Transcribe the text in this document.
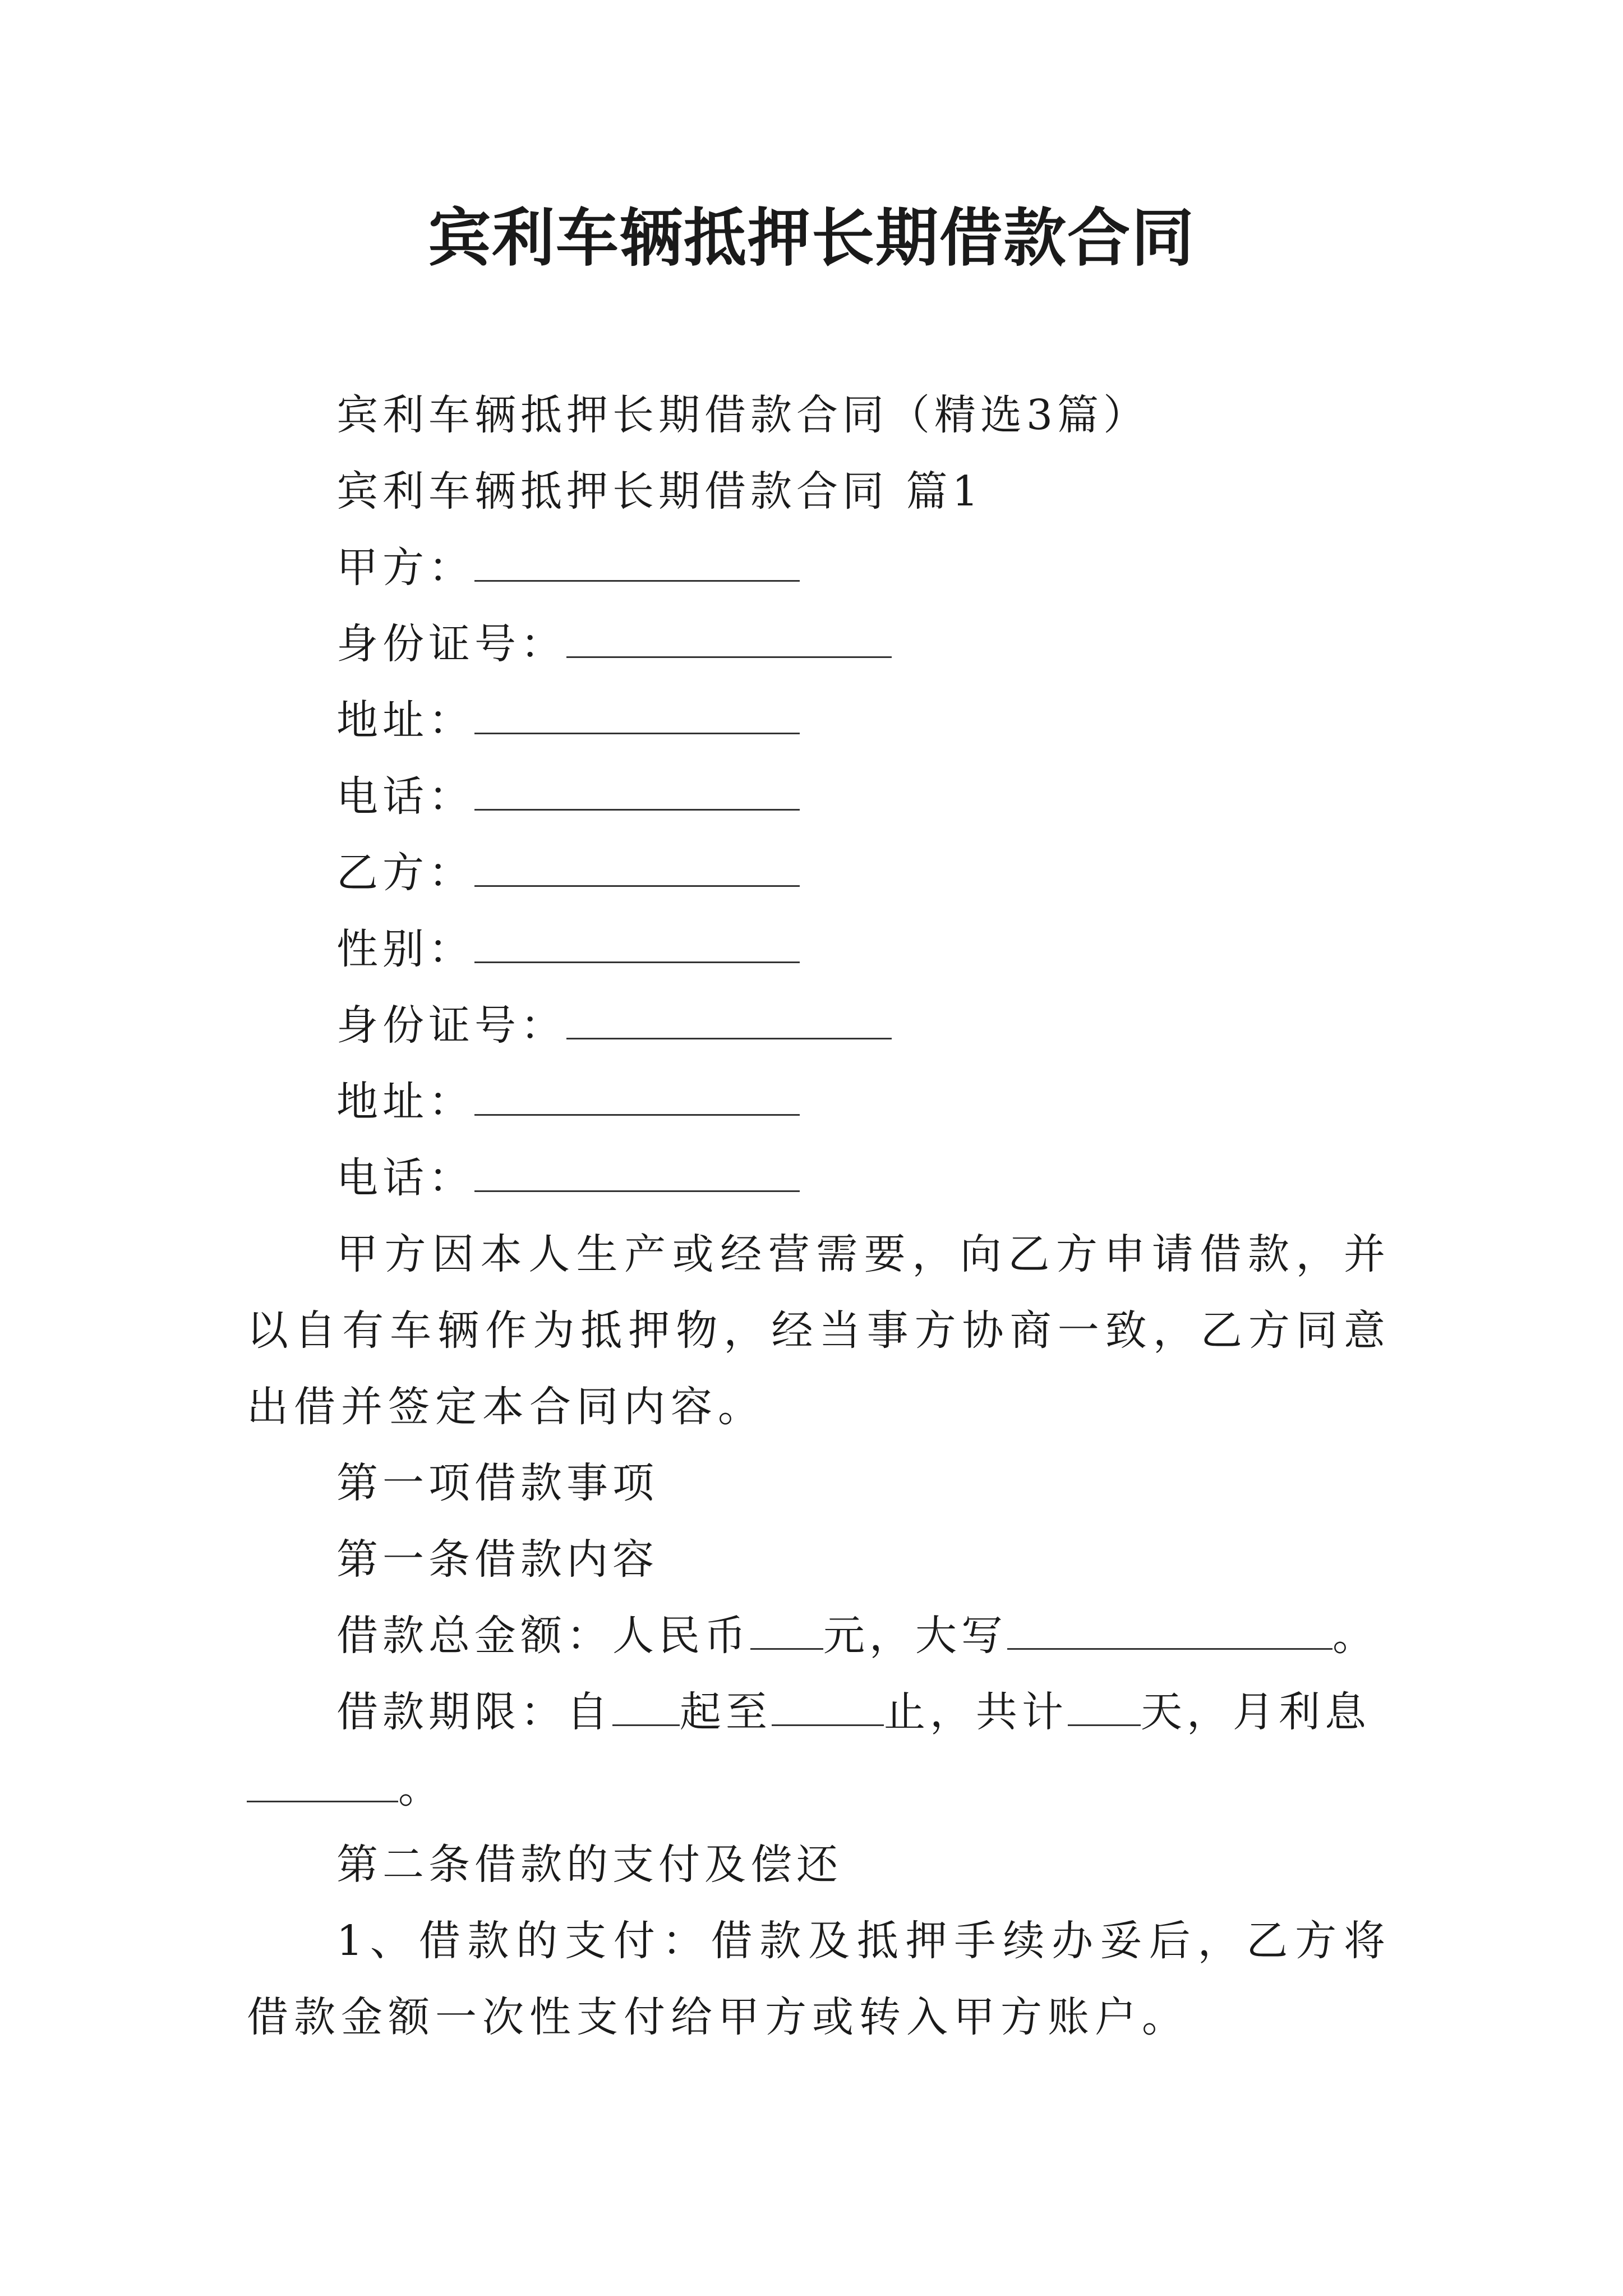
宾利车辆抵押长期借款合同

宾利车辆抵押长期借款合同（精选3篇）

宾利车辆抵押长期借款合同 篇1

甲方：

身份证号：

地址：

电话：

乙方：

性别：

身份证号：

地址：

电话：

甲方因本人生产或经营需要，向乙方申请借款，并以自有车辆作为抵押物，经当事方协商一致，乙方同意出借并签定本合同内容。

第一项借款事项

第一条借款内容

借款总金额：人民币 元，大写	。

借款期限：自 起至	止，共计 天，月利息

。

第二条借款的支付及偿还

1、借款的支付：借款及抵押手续办妥后，乙方将借款金额一次性支付给甲方或转入甲方账户。
